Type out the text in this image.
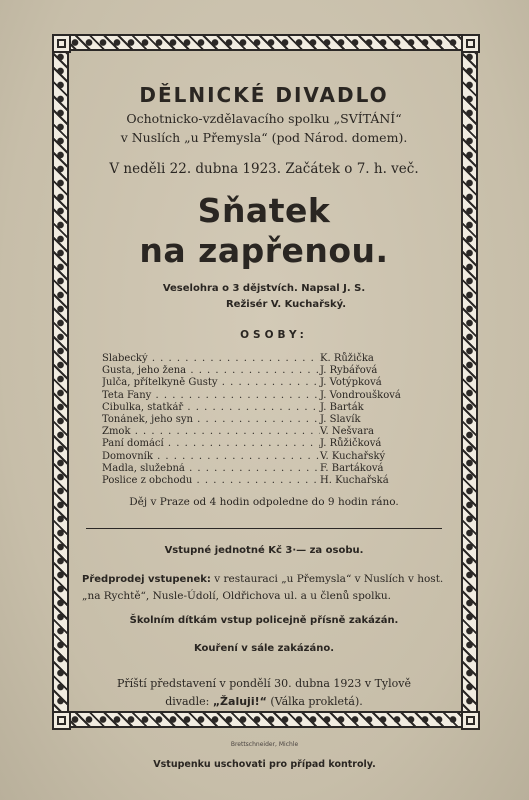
DĚLNICKÉ DIVADLO
Ochotnicko-vzdělavacího spolku „SVÍTÁNÍ“
v Nuslích „u Přemysla“ (pod Národ. domem).
V neděli 22. dubna 1923. Začátek o 7. h. več.
Sňatek
na zapřenou.
Veselohra o 3 dějstvích. Napsal J. S.
Režisér V. Kuchařský.
OSOBY:
Slabecký . . .	K. Růžička
Gusta, jeho žena . . .	J. Rybářová
Julča, přítelkyně Gusty . . .	J. Votýpková
Teta Fany . . .	J. Vondroušková
Cibulka, statkář . . .	J. Barták
Tonánek, jeho syn . . .	J. Slavík
Zmok . . .	V. Nešvara
Paní domácí . . .	J. Růžičková
Domovník . . .	V. Kuchařský
Madla, služebná . . .	F. Bartáková
Poslice z obchodu . . .	H. Kuchařská
Děj v Praze od 4 hodin odpoledne do 9 hodin ráno.
Vstupné jednotné Kč 3·— za osobu.
Předprodej vstupenek: v restauraci „u Přemysla“ v Nuslích v host. „na Rychtě“, Nusle-Údolí, Oldřichova ul. a u členů spolku.
Školním dítkám vstup policejně přísně zakázán.
Kouření v sále zakázáno.
Příští představení v pondělí 30. dubna 1923 v Tylově
divadle: „Žaluji!“ (Válka prokletá).
Brettschneider, Michle
Vstupenku uschovati pro případ kontroly.
